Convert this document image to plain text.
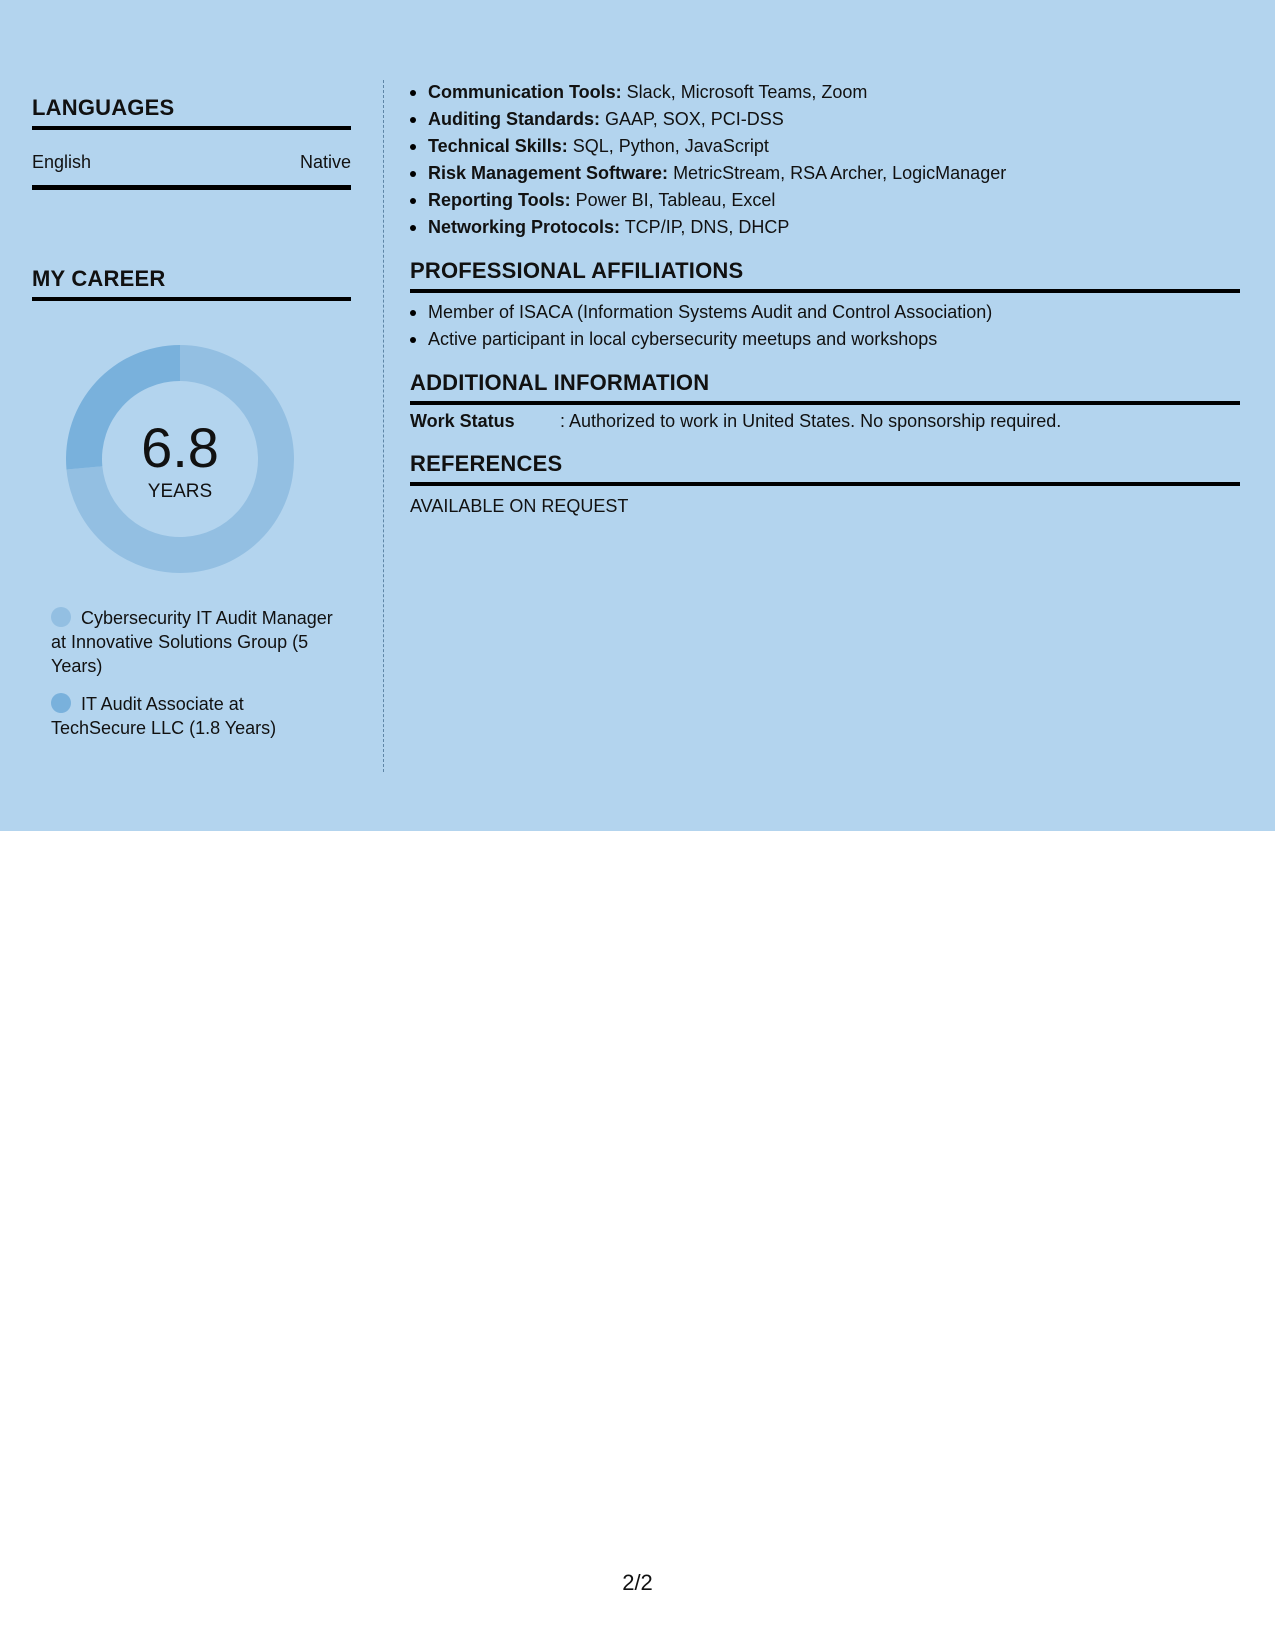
LANGUAGES
English	Native
MY CAREER
6.8
YEARS
Cybersecurity IT Audit Manager at Innovative Solutions Group (5 Years)
IT Audit Associate at TechSecure LLC (1.8 Years)
Communication Tools: Slack, Microsoft Teams, Zoom
Auditing Standards: GAAP, SOX, PCI-DSS
Technical Skills: SQL, Python, JavaScript
Risk Management Software: MetricStream, RSA Archer, LogicManager
Reporting Tools: Power BI, Tableau, Excel
Networking Protocols: TCP/IP, DNS, DHCP
PROFESSIONAL AFFILIATIONS
Member of ISACA (Information Systems Audit and Control Association)
Active participant in local cybersecurity meetups and workshops
ADDITIONAL INFORMATION
Work Status	: Authorized to work in United States. No sponsorship required.
REFERENCES
AVAILABLE ON REQUEST
2/2
